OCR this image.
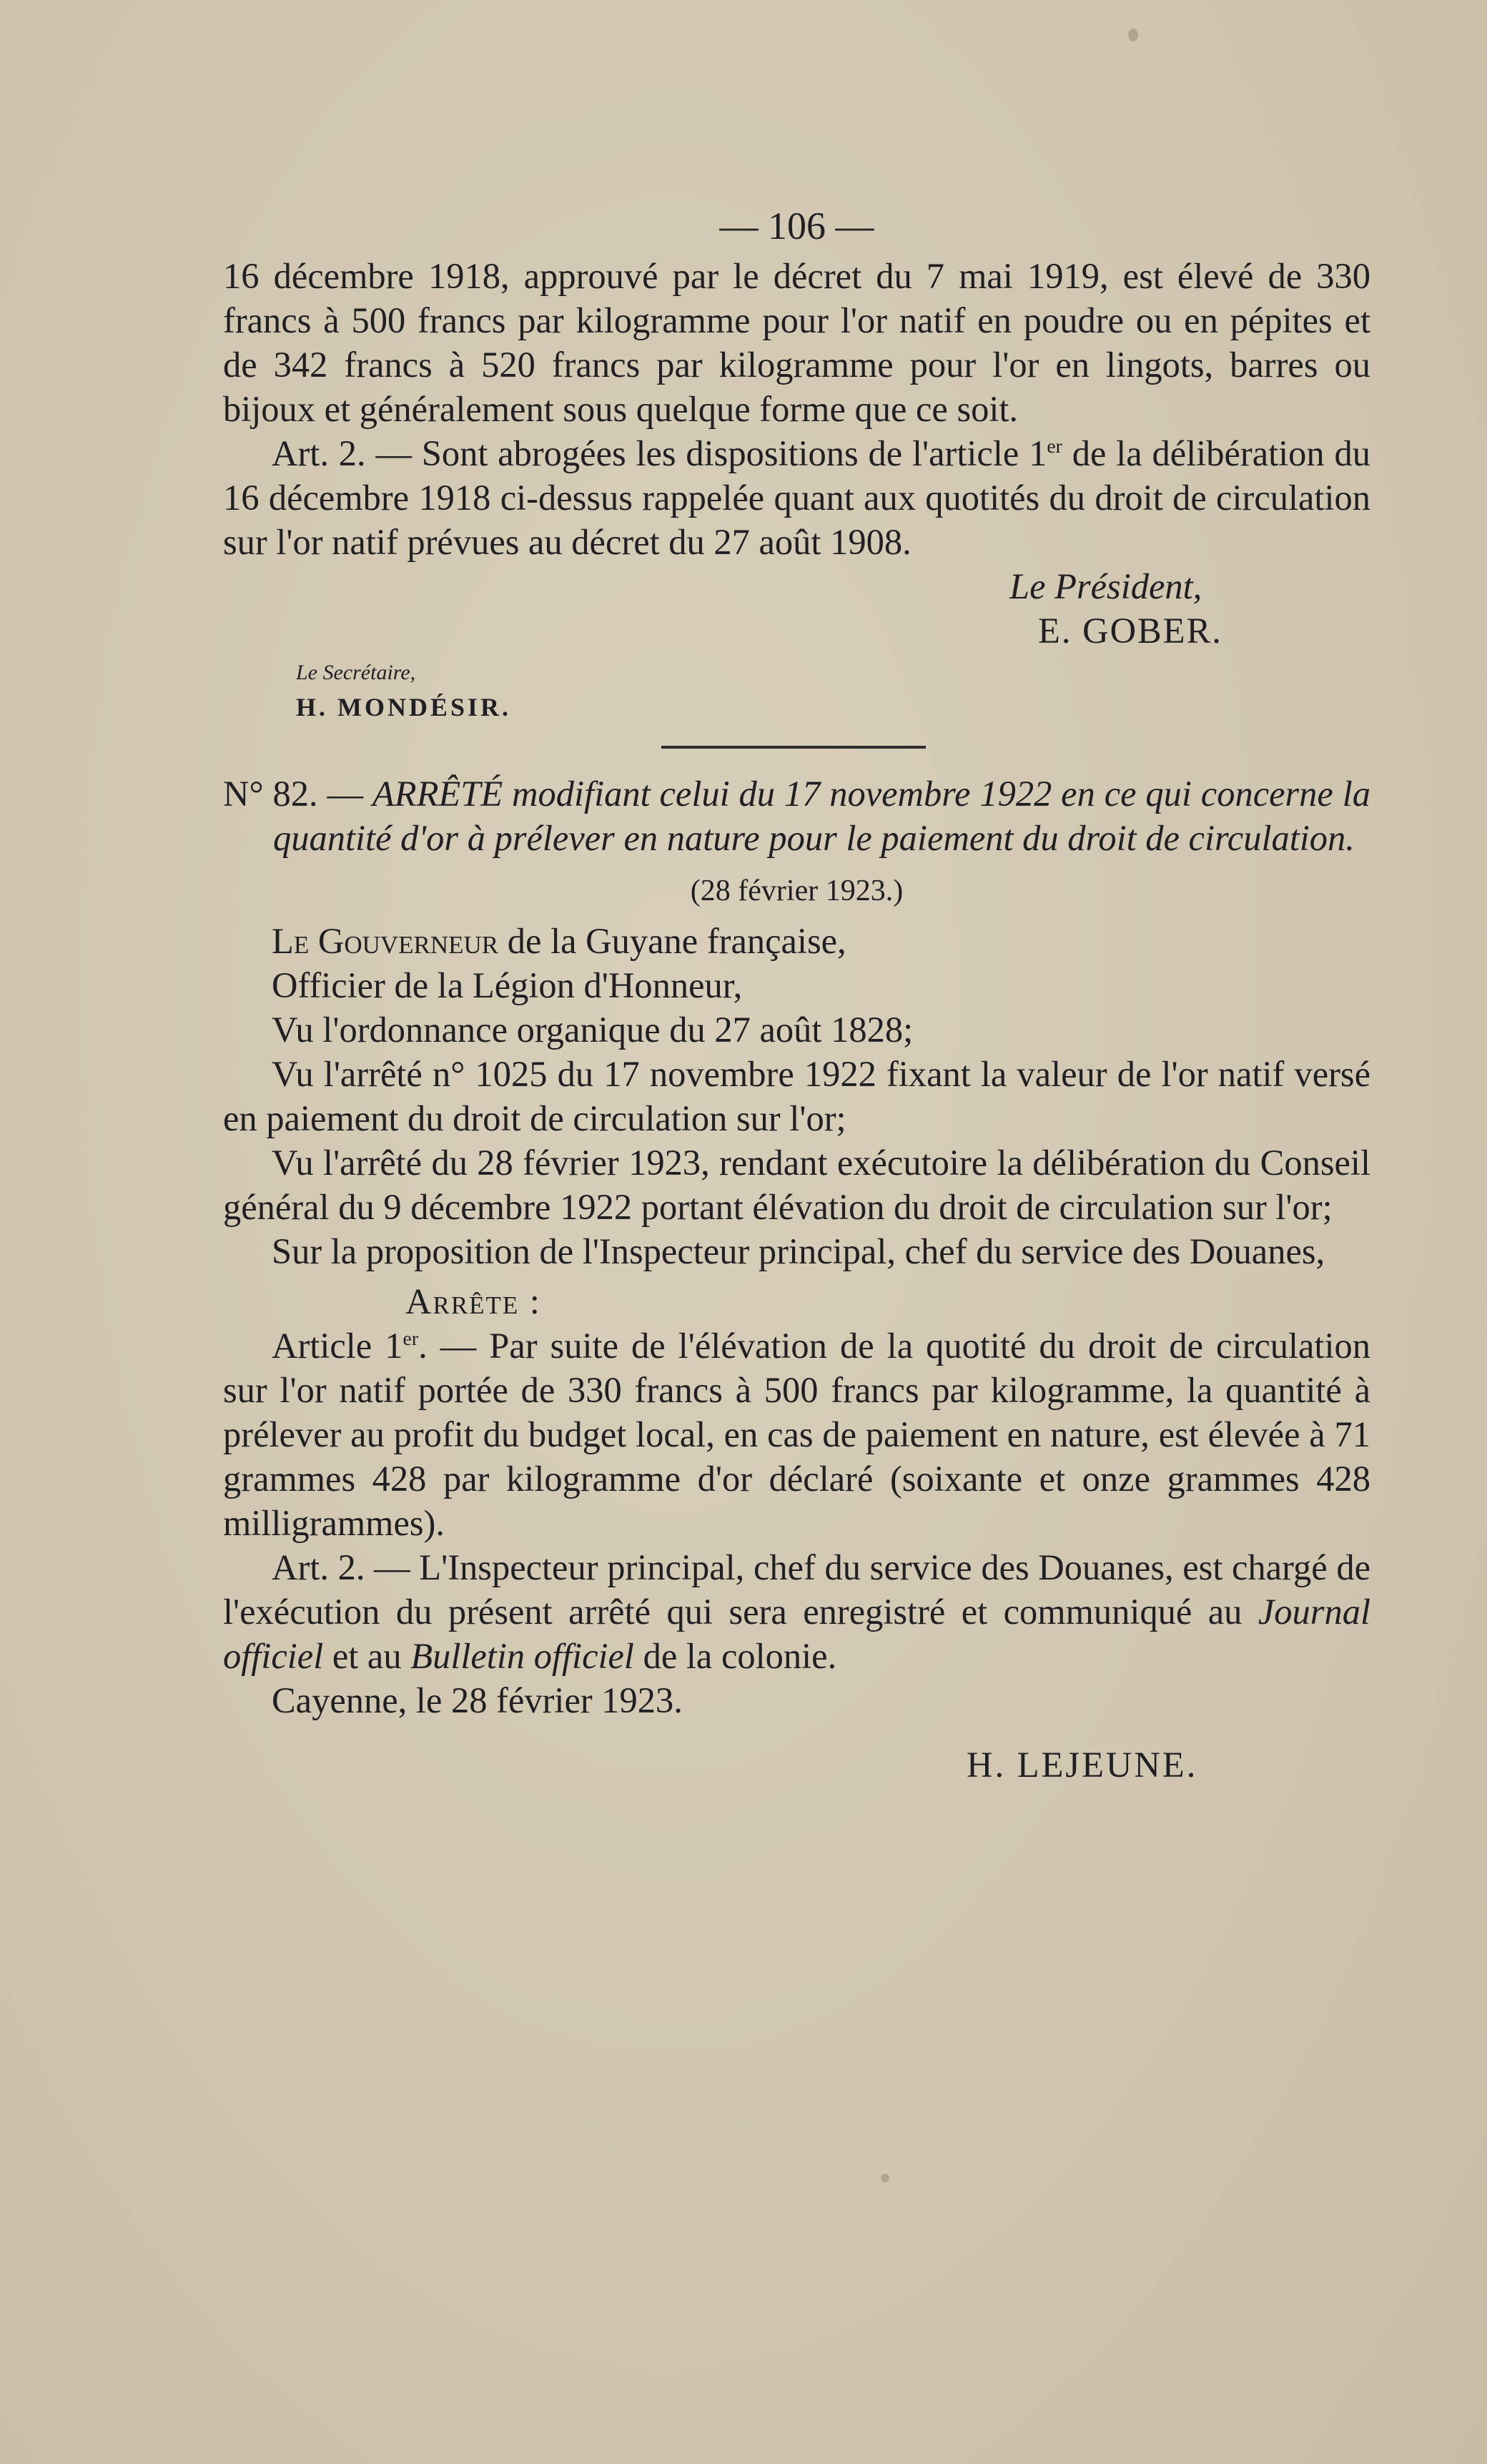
— 106 —

16 décembre 1918, approuvé par le décret du 7 mai 1919, est élevé de 330 francs à 500 francs par kilogramme pour l'or natif en poudre ou en pépites et de 342 francs à 520 francs par kilogramme pour l'or en lingots, barres ou bijoux et généralement sous quelque forme que ce soit.

Art. 2. — Sont abrogées les dispositions de l'article 1er de la délibération du 16 décembre 1918 ci-dessus rappelée quant aux quotités du droit de circulation sur l'or natif prévues au décret du 27 août 1908.

Le Président,
E. GOBER.
Le Secrétaire,
H. MONDÉSIR.

N° 82. — ARRÊTÉ modifiant celui du 17 novembre 1922 en ce qui concerne la quantité d'or à prélever en nature pour le paiement du droit de circulation.

(28 février 1923.)

Le Gouverneur de la Guyane française,

Officier de la Légion d'Honneur,

Vu l'ordonnance organique du 27 août 1828;

Vu l'arrêté n° 1025 du 17 novembre 1922 fixant la valeur de l'or natif versé en paiement du droit de circulation sur l'or;

Vu l'arrêté du 28 février 1923, rendant exécutoire la délibération du Conseil général du 9 décembre 1922 portant élévation du droit de circulation sur l'or;

Sur la proposition de l'Inspecteur principal, chef du service des Douanes,

Arrête :

Article 1er. — Par suite de l'élévation de la quotité du droit de circulation sur l'or natif portée de 330 francs à 500 francs par kilogramme, la quantité à prélever au profit du budget local, en cas de paiement en nature, est élevée à 71 grammes 428 par kilogramme d'or déclaré (soixante et onze grammes 428 milligrammes).

Art. 2. — L'Inspecteur principal, chef du service des Douanes, est chargé de l'exécution du présent arrêté qui sera enregistré et communiqué au Journal officiel et au Bulletin officiel de la colonie.

Cayenne, le 28 février 1923.

H. LEJEUNE.
